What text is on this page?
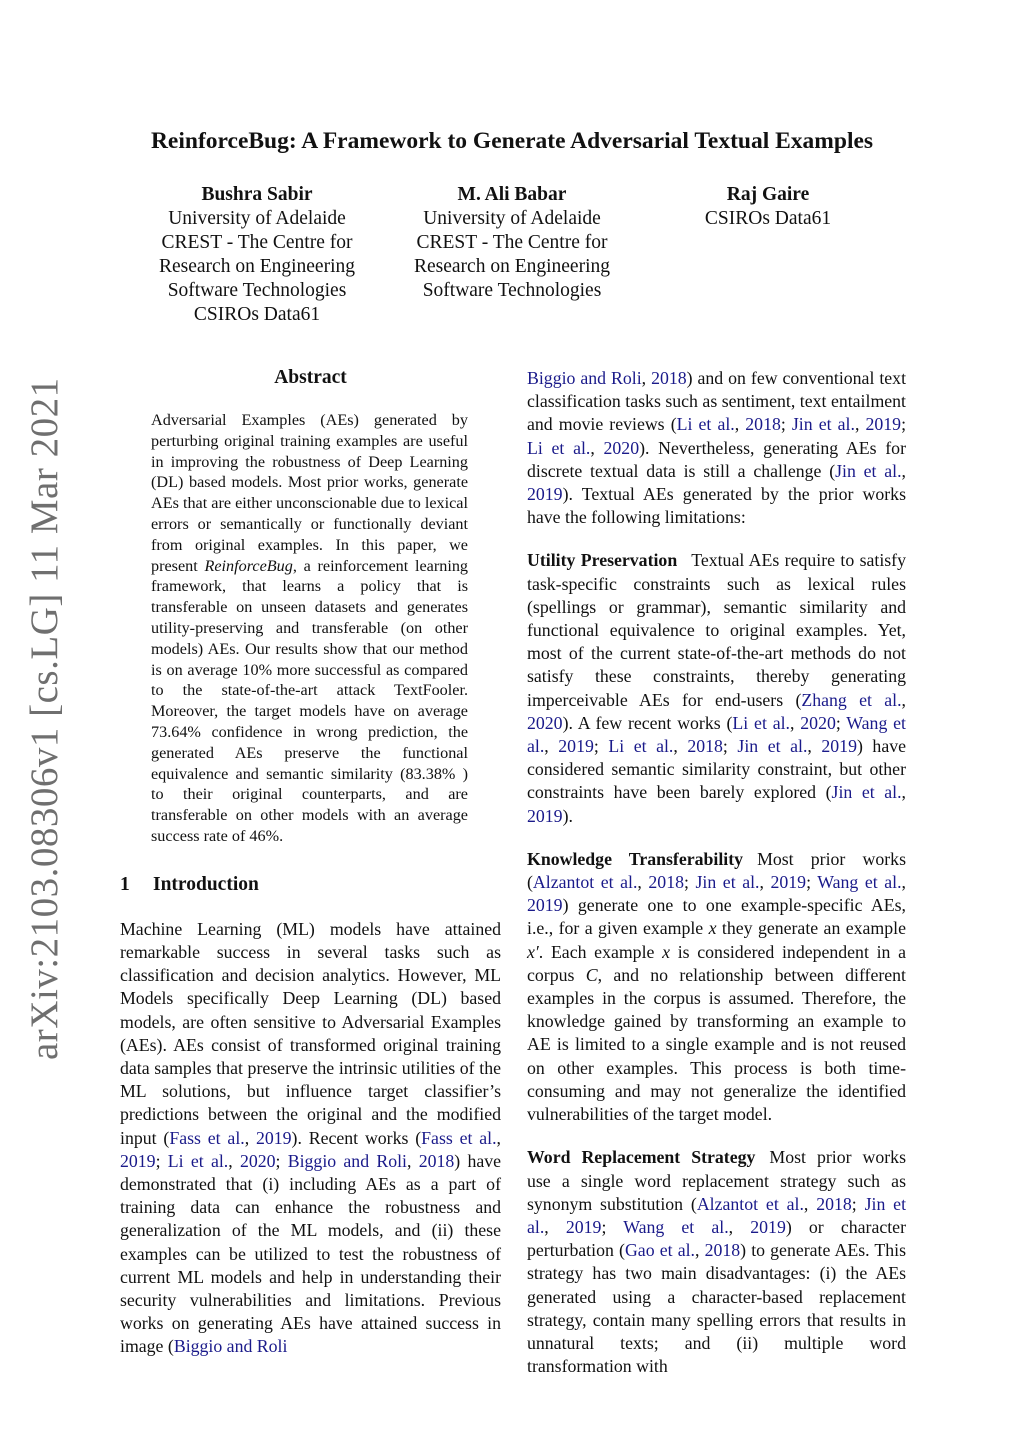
arXiv:2103.08306v1 [cs.LG] 11 Mar 2021
ReinforceBug: A Framework to Generate Adversarial Textual Examples
Bushra Sabir
University of Adelaide
CREST - The Centre for
Research on Engineering
Software Technologies
CSIROs Data61
M. Ali Babar
University of Adelaide
CREST - The Centre for
Research on Engineering
Software Technologies
Raj Gaire
CSIROs Data61
Abstract

Adversarial Examples (AEs) generated by perturbing original training examples are useful in improving the robustness of Deep Learning (DL) based models. Most prior works, generate AEs that are either unconscionable due to lexical errors or semantically or functionally deviant from original examples. In this paper, we present ReinforceBug, a reinforcement learning framework, that learns a policy that is transferable on unseen datasets and generates utility-preserving and transferable (on other models) AEs. Our results show that our method is on average 10% more successful as compared to the state-of-the-art attack TextFooler. Moreover, the target models have on average 73.64% confidence in wrong prediction, the generated AEs preserve the functional equivalence and semantic similarity (83.38% ) to their original counterparts, and are transferable on other models with an average success rate of 46%.

1	Introduction

Machine Learning (ML) models have attained remarkable success in several tasks such as classification and decision analytics. However, ML Models specifically Deep Learning (DL) based models, are often sensitive to Adversarial Examples (AEs). AEs consist of transformed original training data samples that preserve the intrinsic utilities of the ML solutions, but influence target classifier’s predictions between the original and the modified input (Fass et al., 2019). Recent works (Fass et al., 2019; Li et al., 2020; Biggio and Roli, 2018) have demonstrated that (i) including AEs as a part of training data can enhance the robustness and generalization of the ML models, and (ii) these examples can be utilized to test the robustness of current ML models and help in understanding their security vulnerabilities and limitations. Previous works on generating AEs have attained success in image (Biggio and Roli

Biggio and Roli, 2018) and on few conventional text classification tasks such as sentiment, text entailment and movie reviews (Li et al., 2018; Jin et al., 2019; Li et al., 2020). Nevertheless, generating AEs for discrete textual data is still a challenge (Jin et al., 2019). Textual AEs generated by the prior works have the following limitations:

Utility Preservation Textual AEs require to satisfy task-specific constraints such as lexical rules (spellings or grammar), semantic similarity and functional equivalence to original examples. Yet, most of the current state-of-the-art methods do not satisfy these constraints, thereby generating imperceivable AEs for end-users (Zhang et al., 2020). A few recent works (Li et al., 2020; Wang et al., 2019; Li et al., 2018; Jin et al., 2019) have considered semantic similarity constraint, but other constraints have been barely explored (Jin et al., 2019).

Knowledge Transferability Most prior works (Alzantot et al., 2018; Jin et al., 2019; Wang et al., 2019) generate one to one example-specific AEs, i.e., for a given example x they generate an example x′. Each example x is considered independent in a corpus C, and no relationship between different examples in the corpus is assumed. Therefore, the knowledge gained by transforming an example to AE is limited to a single example and is not reused on other examples. This process is both time-consuming and may not generalize the identified vulnerabilities of the target model.

Word Replacement Strategy Most prior works use a single word replacement strategy such as synonym substitution (Alzantot et al., 2018; Jin et al., 2019; Wang et al., 2019) or character perturbation (Gao et al., 2018) to generate AEs. This strategy has two main disadvantages: (i) the AEs generated using a character-based replacement strategy, contain many spelling errors that results in unnatural texts; and (ii) multiple word transformation with
